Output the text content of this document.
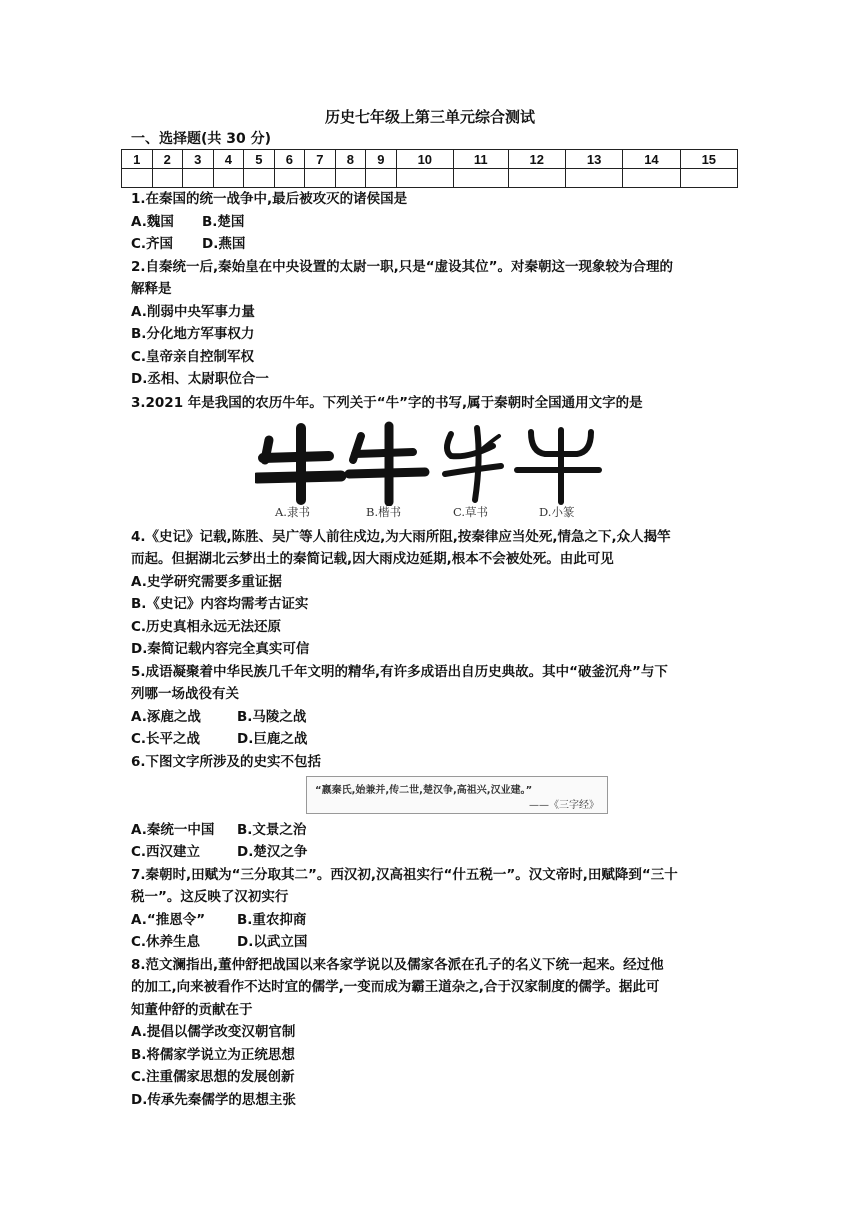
历史七年级上第三单元综合测试
一、选择题(共 30 分)
1	2	3	4	5	6	7	8	9	10	11	12	13	14	15

1.在秦国的统一战争中,最后被攻灭的诸侯国是
A.魏国 B.楚国
C.齐国 D.燕国
2.自秦统一后,秦始皇在中央设置的太尉一职,只是“虚设其位”。对秦朝这一现象较为合理的
解释是
A.削弱中央军事力量
B.分化地方军事权力
C.皇帝亲自控制军权
D.丞相、太尉职位合一
3.2021 年是我国的农历牛年。下列关于“牛”字的书写,属于秦朝时全国通用文字的是
A.隶书	B.楷书	C.草书	D.小篆
4.《史记》记载,陈胜、吴广等人前往戍边,为大雨所阻,按秦律应当处死,情急之下,众人揭竿
而起。但据湖北云梦出土的秦简记载,因大雨戍边延期,根本不会被处死。由此可见
A.史学研究需要多重证据
B.《史记》内容均需考古证实
C.历史真相永远无法还原
D.秦简记载内容完全真实可信
5.成语凝聚着中华民族几千年文明的精华,有许多成语出自历史典故。其中“破釜沉舟”与下
列哪一场战役有关
A.涿鹿之战	B.马陵之战
C.长平之战	D.巨鹿之战
6.下图文字所涉及的史实不包括
“嬴秦氏,始兼并,传二世,楚汉争,高祖兴,汉业建。”
——《三字经》
A.秦统一中国 B.文景之治
C.西汉建立	D.楚汉之争
7.秦朝时,田赋为“三分取其二”。西汉初,汉高祖实行“什五税一”。汉文帝时,田赋降到“三十
税一”。这反映了汉初实行
A.“推恩令” B.重农抑商
C.休养生息	D.以武立国
8.范文澜指出,董仲舒把战国以来各家学说以及儒家各派在孔子的名义下统一起来。经过他
的加工,向来被看作不达时宜的儒学,一变而成为霸王道杂之,合于汉家制度的儒学。据此可
知董仲舒的贡献在于
A.提倡以儒学改变汉朝官制
B.将儒家学说立为正统思想
C.注重儒家思想的发展创新
D.传承先秦儒学的思想主张
